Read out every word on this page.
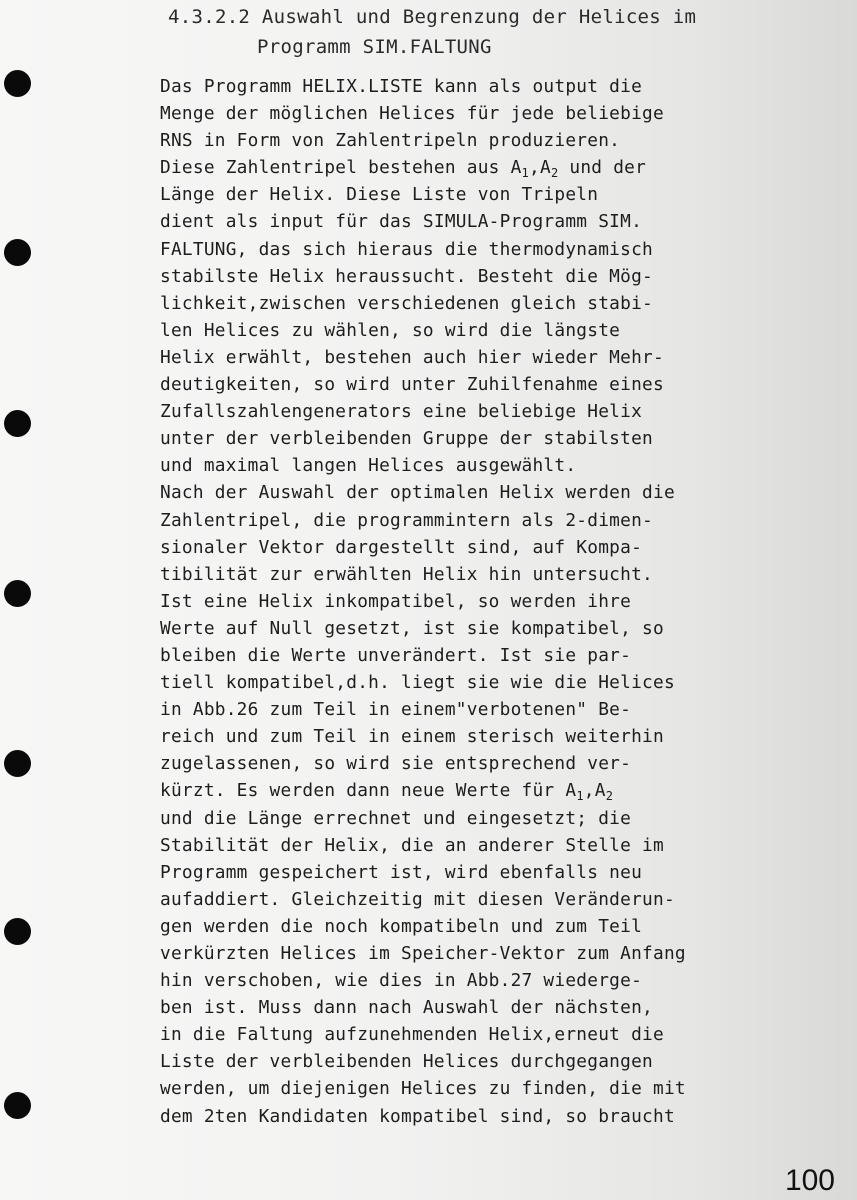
4.3.2.2 Auswahl und Begrenzung der Helices im
Programm SIM.FALTUNG
Das Programm HELIX.LISTE kann als output die
Menge der möglichen Helices für jede beliebige
RNS in Form von Zahlentripeln produzieren.
Diese Zahlentripel bestehen aus $A_1,A_2$ und der
Länge der Helix. Diese Liste von Tripeln
dient als input für das SIMULA-Programm SIM.
FALTUNG, das sich hieraus die thermodynamisch
stabilste Helix heraussucht. Besteht die Mög-
lichkeit,zwischen verschiedenen gleich stabi-
len Helices zu wählen, so wird die längste
Helix erwählt, bestehen auch hier wieder Mehr-
deutigkeiten, so wird unter Zuhilfenahme eines
Zufallszahlengenerators eine beliebige Helix
unter der verbleibenden Gruppe der stabilsten
und maximal langen Helices ausgewählt.
Nach der Auswahl der optimalen Helix werden die
Zahlentripel, die programmintern als 2-dimen-
sionaler Vektor dargestellt sind, auf Kompa-
tibilität zur erwählten Helix hin untersucht.
Ist eine Helix inkompatibel, so werden ihre
Werte auf Null gesetzt, ist sie kompatibel, so
bleiben die Werte unverändert. Ist sie par-
tiell kompatibel,d.h. liegt sie wie die Helices
in Abb.26 zum Teil in einem"verbotenen" Be-
reich und zum Teil in einem sterisch weiterhin
zugelassenen, so wird sie entsprechend ver-
kürzt. Es werden dann neue Werte für $A_1,A_2$
und die Länge errechnet und eingesetzt; die
Stabilität der Helix, die an anderer Stelle im
Programm gespeichert ist, wird ebenfalls neu
aufaddiert. Gleichzeitig mit diesen Veränderun-
gen werden die noch kompatibeln und zum Teil
verkürzten Helices im Speicher-Vektor zum Anfang
hin verschoben, wie dies in Abb.27 wiederge-
ben ist. Muss dann nach Auswahl der nächsten,
in die Faltung aufzunehmenden Helix,erneut die
Liste der verbleibenden Helices durchgegangen
werden, um diejenigen Helices zu finden, die mit
dem 2ten Kandidaten kompatibel sind, so braucht
100
